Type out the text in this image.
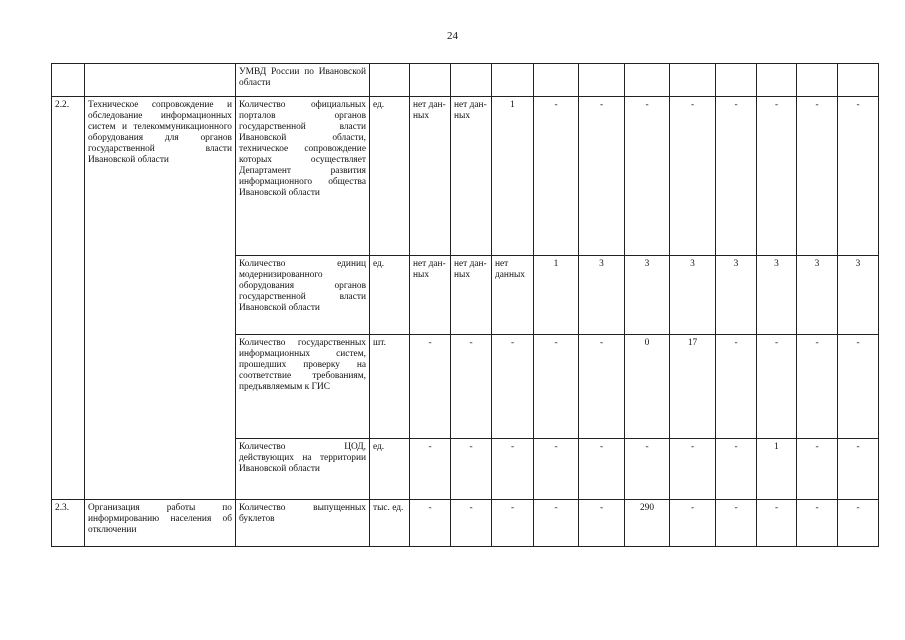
24
		УМВД России по Ивановской области												
2.2.	Техническое сопровождение и обследование информационных систем и телекоммуникационного оборудования для органов государственной власти Ивановской области	Количество официальных порталов органов государственной власти Ивановской области, техническое сопровождение которых осуществляет Департамент развития информационного общества Ивановской области	ед.	нет дан-ных	нет дан-ных	1	-	-	-	-	-	-	-	-
		Количество единиц модернизированного оборудования органов государственной власти Ивановской области	ед.	нет дан-ных	нет дан-ных	нет данных	1	3	3	3	3	3	3	3
		Количество государственных информационных систем, прошедших проверку на соответствие требованиям, предъявляемым к ГИС	шт.	-	-	-	-	-	0	17	-	-	-	-
		Количество ЦОД, действующих на территории Ивановской области	ед.	-	-	-	-	-	-	-	-	1	-	-
2.3.	Организация работы по информированию населения об отключении	Количество выпущенных буклетов	тыс. ед.	-	-	-	-	-	290	-	-	-	-	-
